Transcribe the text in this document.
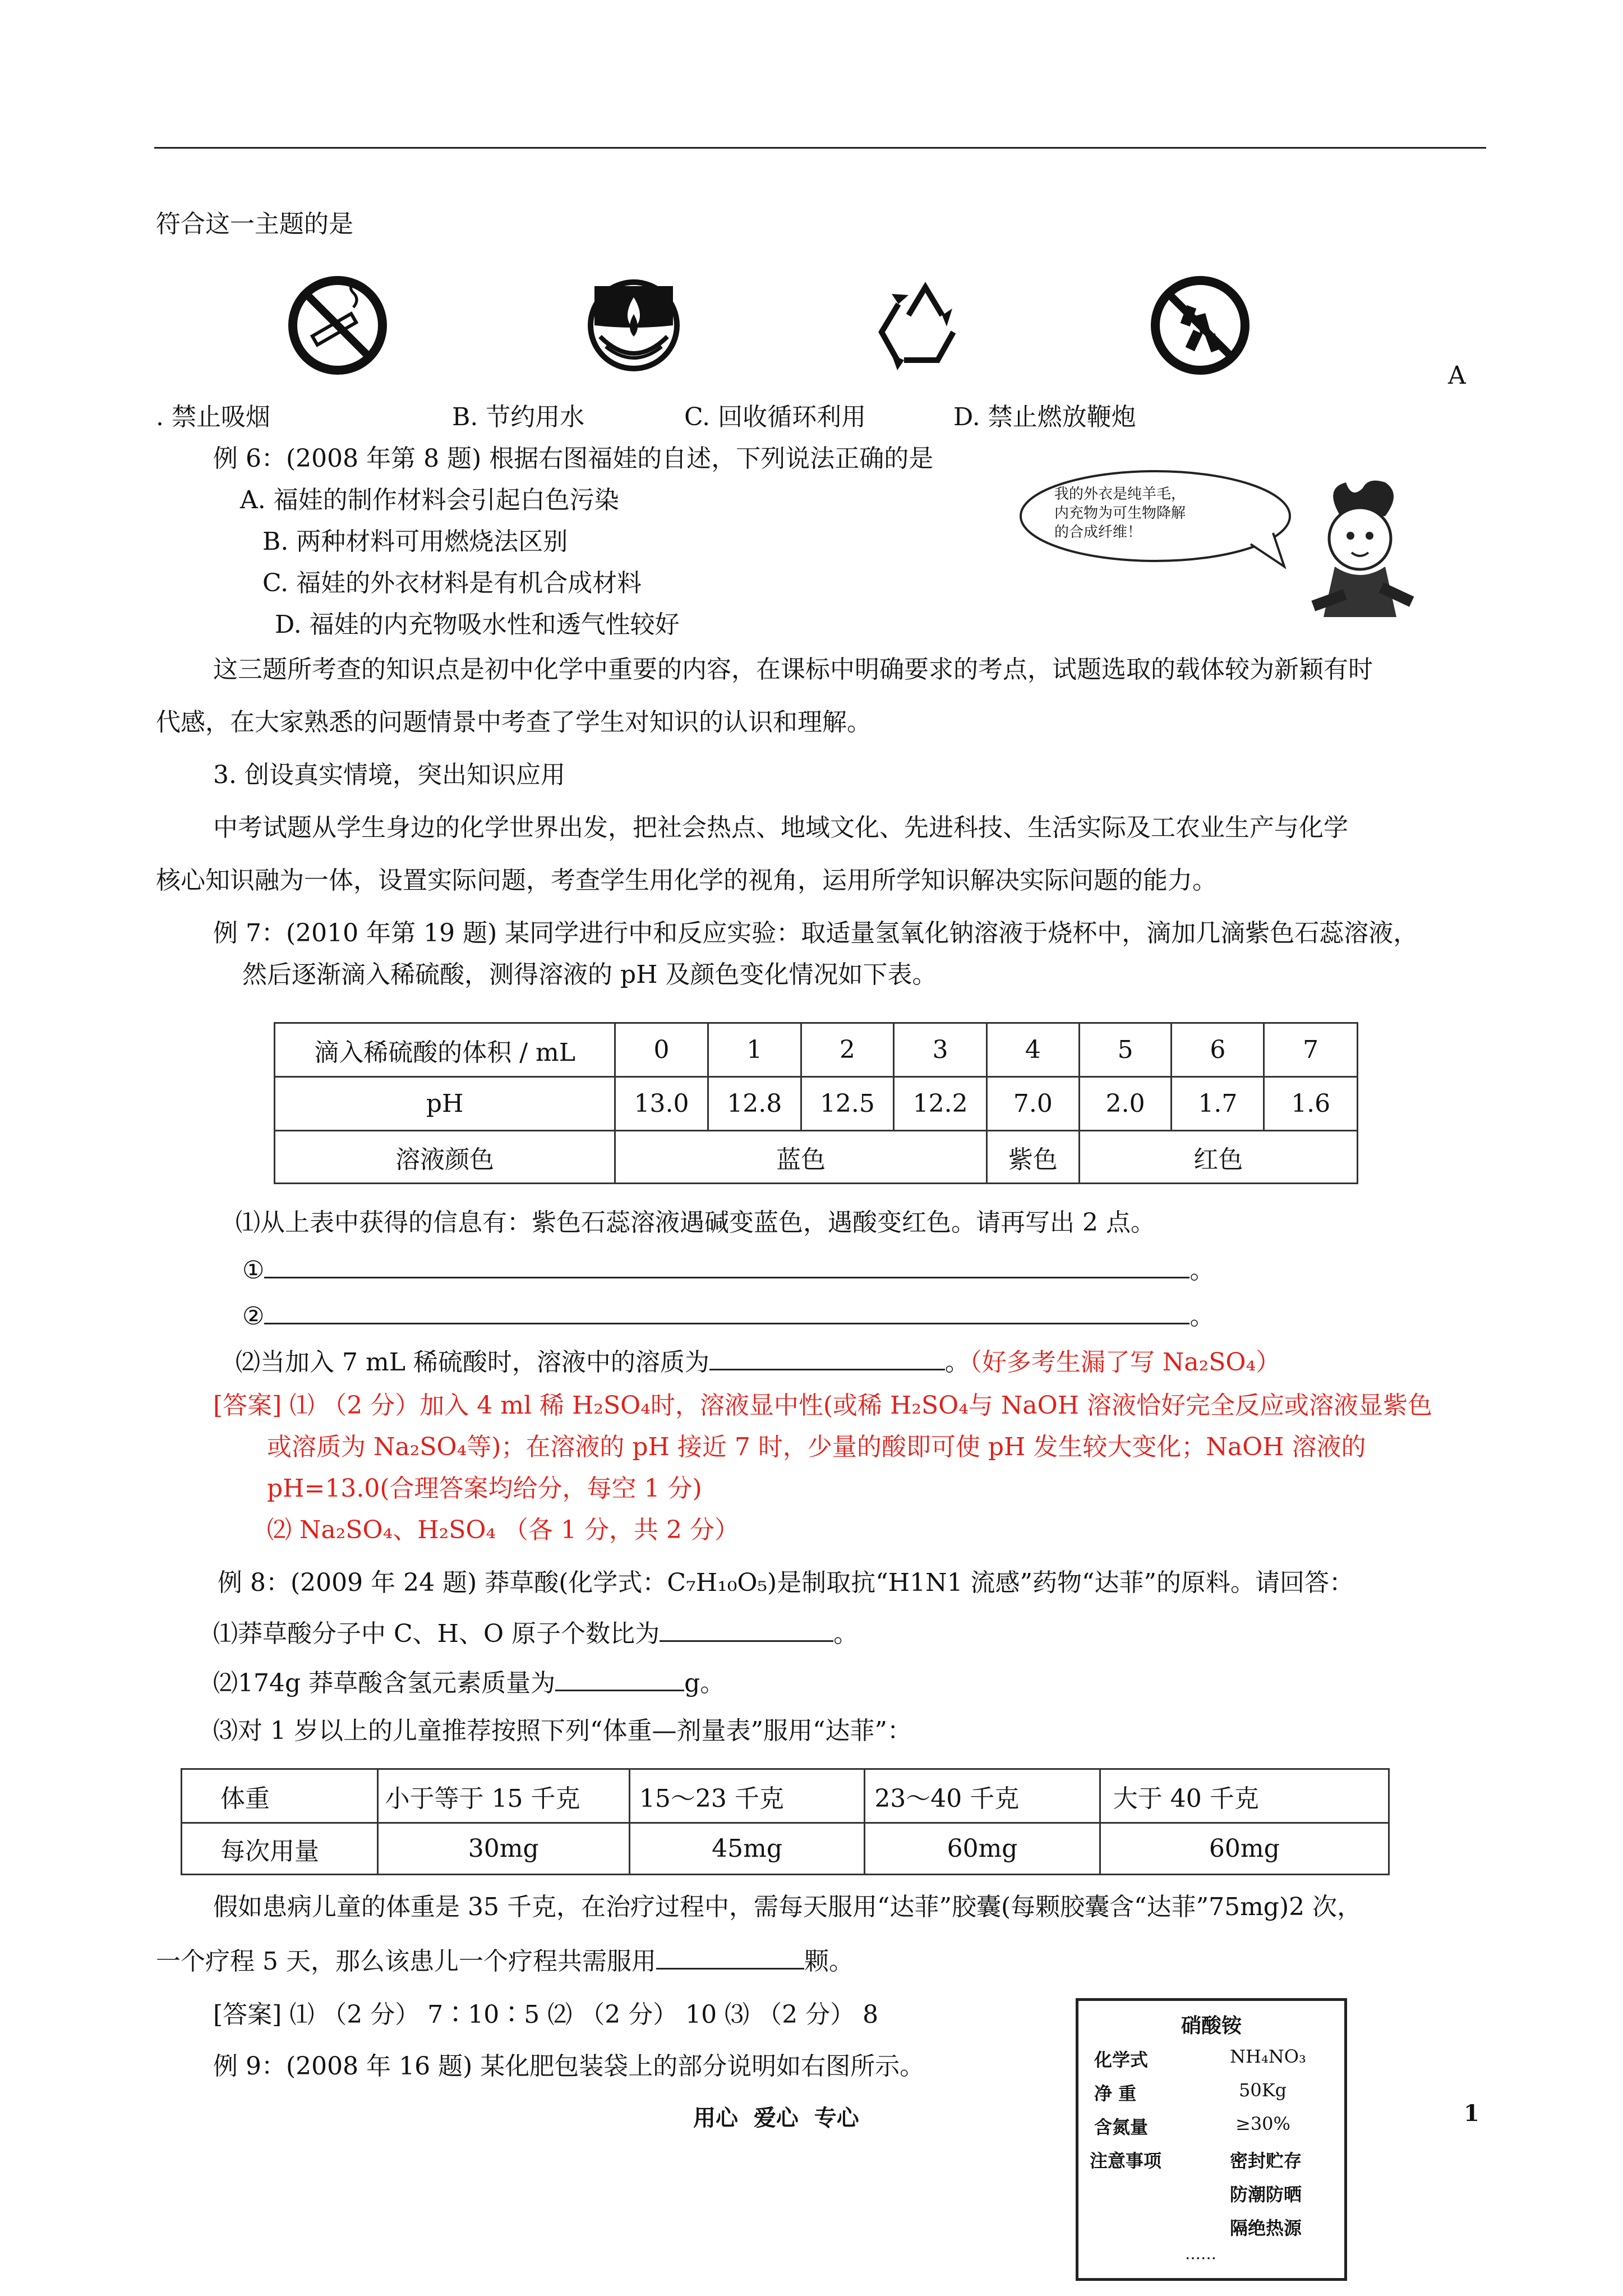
符合这一主题的是
A
. 禁止吸烟	B. 节约用水	C. 回收循环利用	D. 禁止燃放鞭炮
例 6：(2008 年第 8 题) 根据右图福娃的自述，下列说法正确的是
A. 福娃的制作材料会引起白色污染
B. 两种材料可用燃烧法区别
C. 福娃的外衣材料是有机合成材料
D. 福娃的内充物吸水性和透气性较好
我的外衣是纯羊毛，
内充物为可生物降解
的合成纤维！
这三题所考查的知识点是初中化学中重要的内容，在课标中明确要求的考点，试题选取的载体较为新颖有时
代感，在大家熟悉的问题情景中考查了学生对知识的认识和理解。
3. 创设真实情境，突出知识应用
中考试题从学生身边的化学世界出发，把社会热点、地域文化、先进科技、生活实际及工农业生产与化学
核心知识融为一体，设置实际问题，考查学生用化学的视角，运用所学知识解决实际问题的能力。
例 7：(2010 年第 19 题) 某同学进行中和反应实验：取适量氢氧化钠溶液于烧杯中，滴加几滴紫色石蕊溶液，
然后逐渐滴入稀硫酸，测得溶液的 pH 及颜色变化情况如下表。
滴入稀硫酸的体积 / mL	0	1	2	3	4	5	6	7
pH	13.0	12.8	12.5	12.2	7.0	2.0	1.7	1.6
溶液颜色	蓝色				紫色	红色		
⑴从上表中获得的信息有：紫色石蕊溶液遇碱变蓝色，遇酸变红色。请再写出 2 点。
①	。
②	。
⑵当加入 7 mL 稀硫酸时，溶液中的溶质为	。（好多考生漏了写 Na₂SO₄）
[答案] ⑴ （2 分）加入 4 ml 稀 H₂SO₄时，溶液显中性(或稀 H₂SO₄与 NaOH 溶液恰好完全反应或溶液显紫色
或溶质为 Na₂SO₄等)；在溶液的 pH 接近 7 时，少量的酸即可使 pH 发生较大变化；NaOH 溶液的
pH=13.0(合理答案均给分，每空 1 分)
⑵ Na₂SO₄、H₂SO₄ （各 1 分，共 2 分）
例 8：(2009 年 24 题) 莽草酸(化学式：C₇H₁₀O₅)是制取抗“H1N1 流感”药物“达菲”的原料。请回答：
⑴莽草酸分子中 C、H、O 原子个数比为	。
⑵174g 莽草酸含氢元素质量为	g。
⑶对 1 岁以上的儿童推荐按照下列“体重—剂量表”服用“达菲”：
体重	小于等于 15 千克	15～23 千克	23～40 千克	大于 40 千克
每次用量	30mg	45mg	60mg	60mg
假如患病儿童的体重是 35 千克，在治疗过程中，需每天服用“达菲”胶囊(每颗胶囊含“达菲”75mg)2 次，
一个疗程 5 天，那么该患儿一个疗程共需服用	颗。
[答案] ⑴ （2 分） 7∶10∶5 ⑵ （2 分） 10 ⑶ （2 分） 8
例 9：(2008 年 16 题) 某化肥包装袋上的部分说明如右图所示。
硝酸铵
化学式	NH₄NO₃
净 重	50Kg
含氮量	≥30%
注意事项	密封贮存
防潮防晒
隔绝热源
……
用心  爱心  专心	1
